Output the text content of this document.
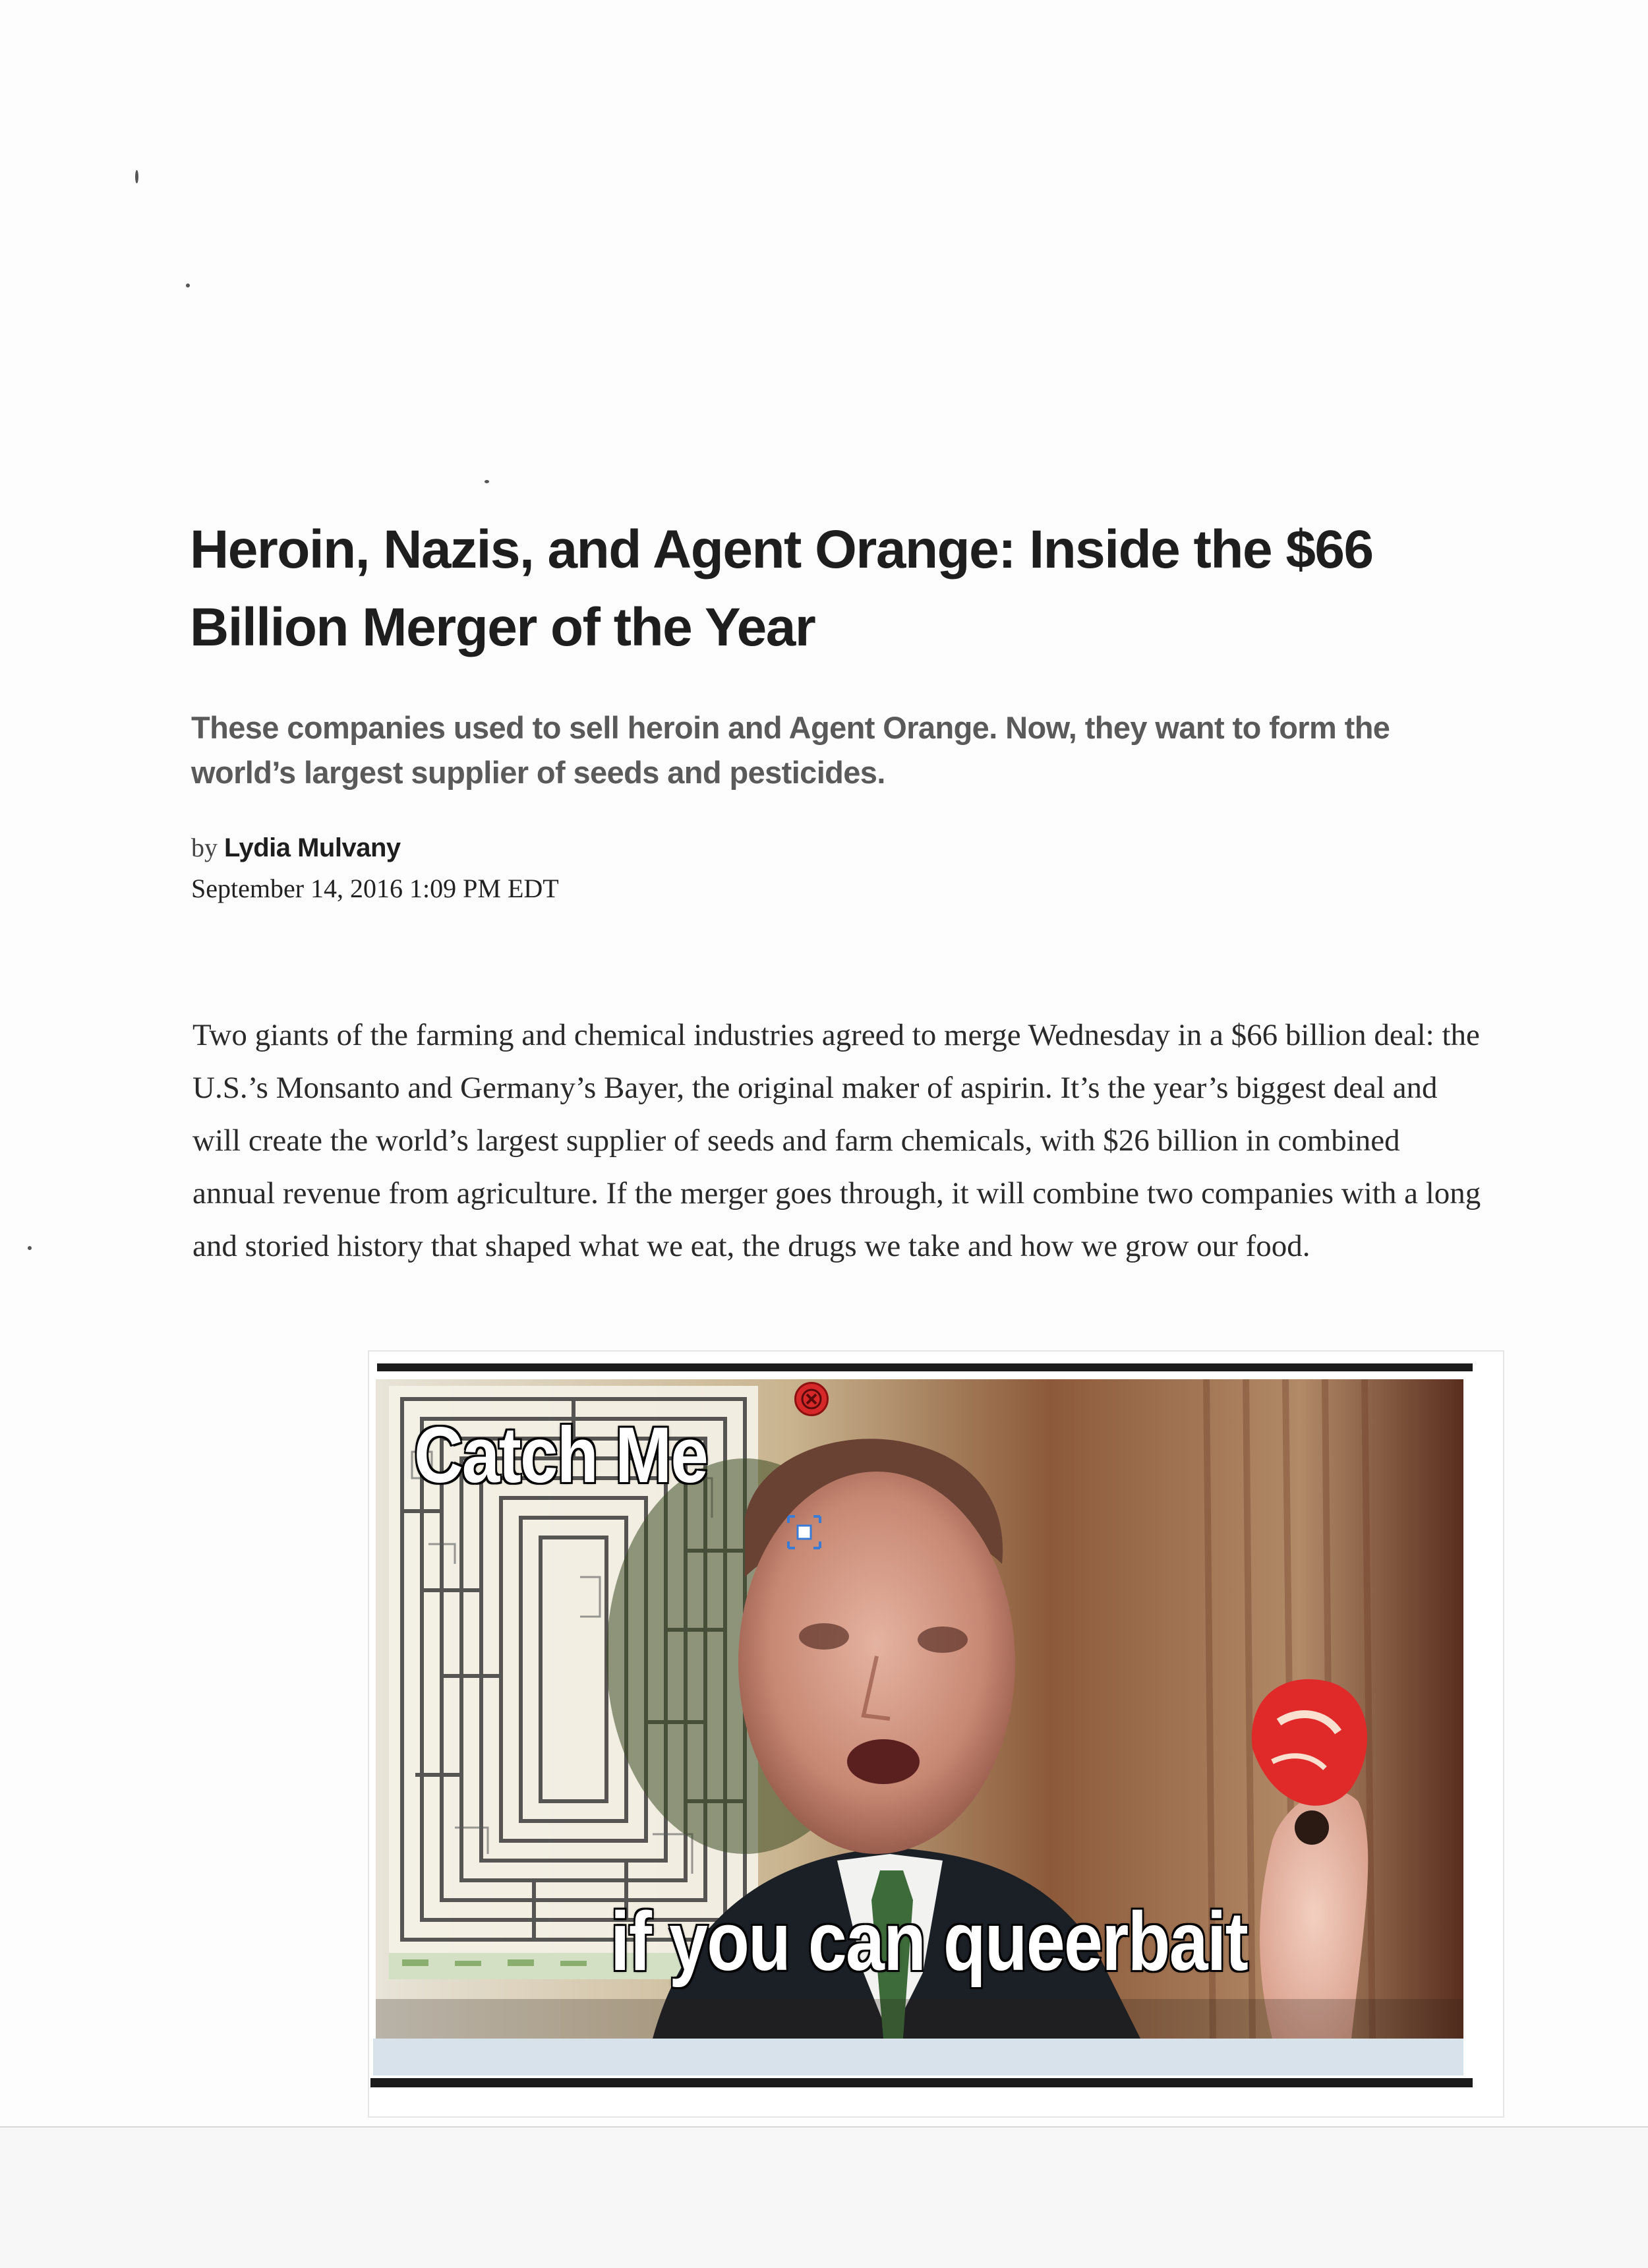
Heroin, Nazis, and Agent Orange: Inside the $66 Billion Merger of the Year

These companies used to sell heroin and Agent Orange. Now, they want to form the world’s largest supplier of seeds and pesticides.

by Lydia Mulvany
September 14, 2016 1:09 PM EDT

Two giants of the farming and chemical industries agreed to merge Wednesday in a $66 billion deal: the U.S.’s Monsanto and Germany’s Bayer, the original maker of aspirin. It’s the year’s biggest deal and will create the world’s largest supplier of seeds and farm chemicals, with $26 billion in combined annual revenue from agriculture. If the merger goes through, it will combine two companies with a long and storied history that shaped what we eat, the drugs we take and how we grow our food.

Catch Me
if you can queerbait
